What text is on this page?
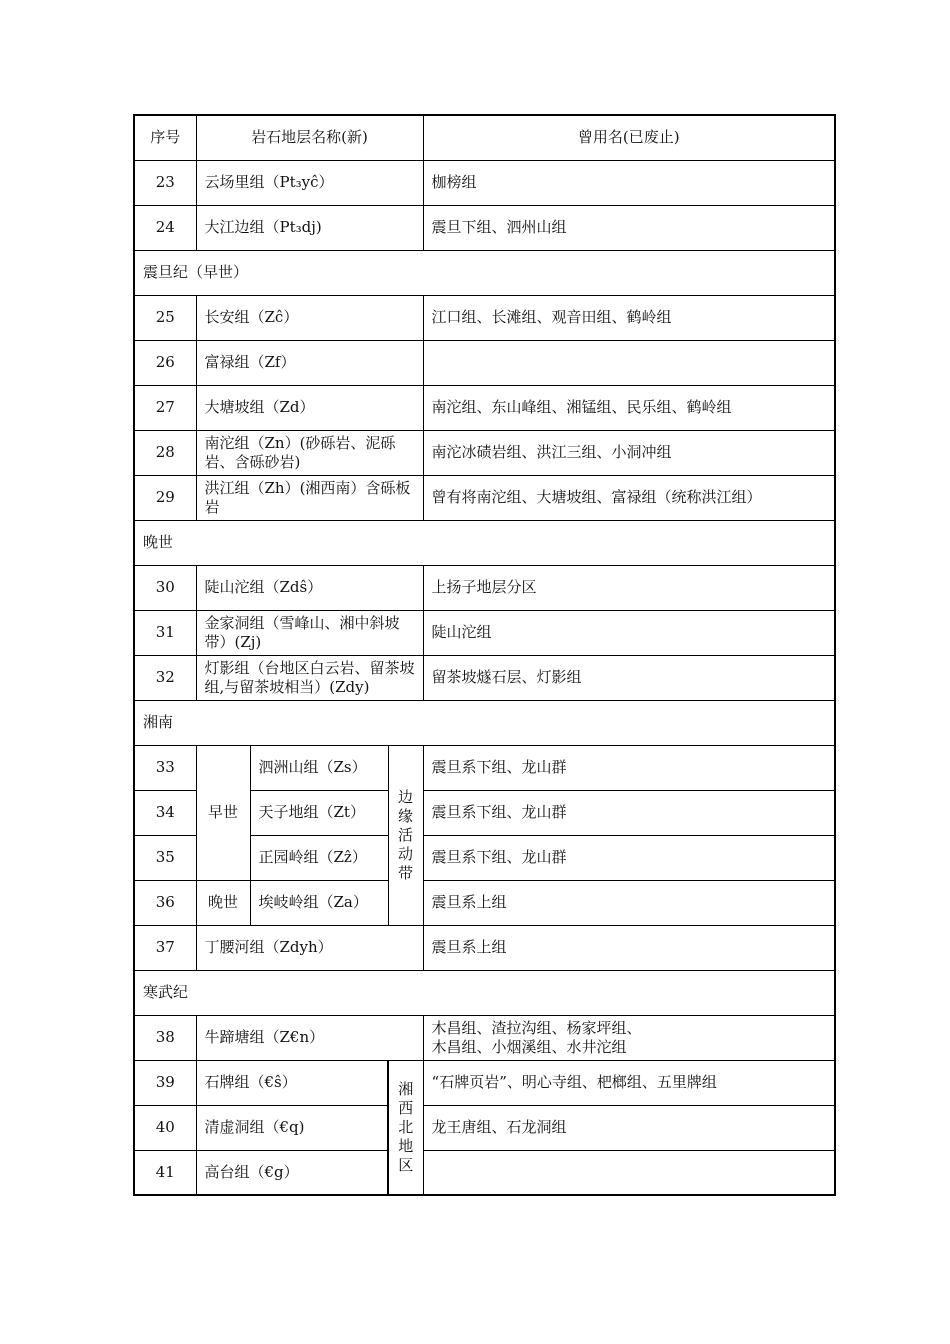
序号	岩石地层名称(新)			曾用名(已废止)
23	云场里组（Pt₃yĉ）			枷榜组
24	大江边组（Pt₃dj)			震旦下组、泗州山组
震旦纪（早世）				
25	长安组（Zĉ）			江口组、长滩组、观音田组、鹤岭组
26	富禄组（Zf）			
27	大塘坡组（Zd）			南沱组、东山峰组、湘锰组、民乐组、鹤岭组
28	南沱组（Zn）(砂砾岩、泥砾岩、含砾砂岩)			南沱冰碛岩组、洪江三组、小洞冲组
29	洪江组（Zh）(湘西南）含砾板岩			曾有将南沱组、大塘坡组、富禄组（统称洪江组）
晚世				
30	陡山沱组（Zdŝ）			上扬子地层分区
31	金家洞组（雪峰山、湘中斜坡带）(Zj)			陡山沱组
32	灯影组（台地区白云岩、留茶坡组,与留茶坡相当）(Zdy)			留茶坡燧石层、灯影组
湘南				
33	早世	泗洲山组（Zs）	边缘活动带	震旦系下组、龙山群
34		天子地组（Zt）		震旦系下组、龙山群
35		正园岭组（Zẑ）		震旦系下组、龙山群
36	晚世	埃岐岭组（Za）		震旦系上组
37	丁腰河组（Zdyh）			震旦系上组
寒武纪				
38	牛蹄塘组（Z€n）			木昌组、渣拉沟组、杨家坪组、
木昌组、小烟溪组、水井沱组

39	石牌组（€ŝ）		湘西北地区	“石牌页岩”、明心寺组、杷榔组、五里牌组
40	清虚洞组（€q)			龙王唐组、石龙洞组
41	高台组（€g）			
